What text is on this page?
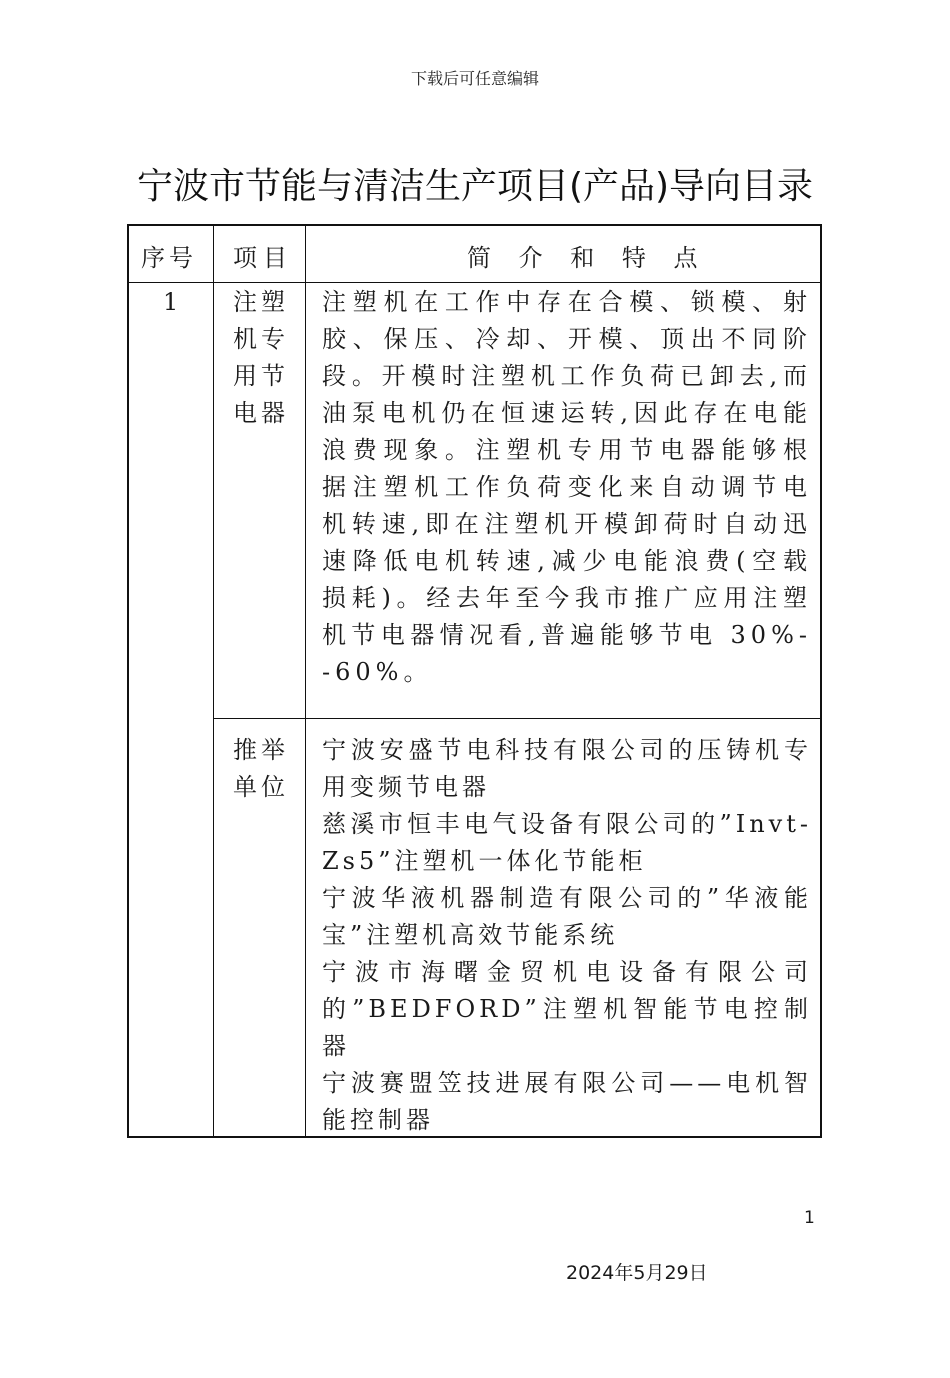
下载后可任意编辑
宁波市节能与清洁生产项目(产品)导向目录
序号 项目	简 介 和 特 点
1 注塑
机专
用节
电器
注塑机在工作中存在合模、锁模、射胶、保压、冷却、开模、顶出不同阶段。开模时注塑机工作负荷已卸去,而油泵电机仍在恒速运转,因此存在电能浪费现象。注塑机专用节电器能够根据注塑机工作负荷变化来自动调节电机转速,即在注塑机开模卸荷时自动迅速降低电机转速,减少电能浪费(空载损耗)。经去年至今我市推广应用注塑机节电器情况看,普遍能够节电 30%--60%。
推举
单位

宁波安盛节电科技有限公司的压铸机专用变频节电器

慈溪市恒丰电气设备有限公司的”Invt-Zs5”注塑机一体化节能柜

宁波华液机器制造有限公司的”华液能宝”注塑机高效节能系统

宁波市海曙金贸机电设备有限公司的”BEDFORD”注塑机智能节电控制器

宁波赛盟笠技进展有限公司——电机智能控制器

1
2024年5月29日
